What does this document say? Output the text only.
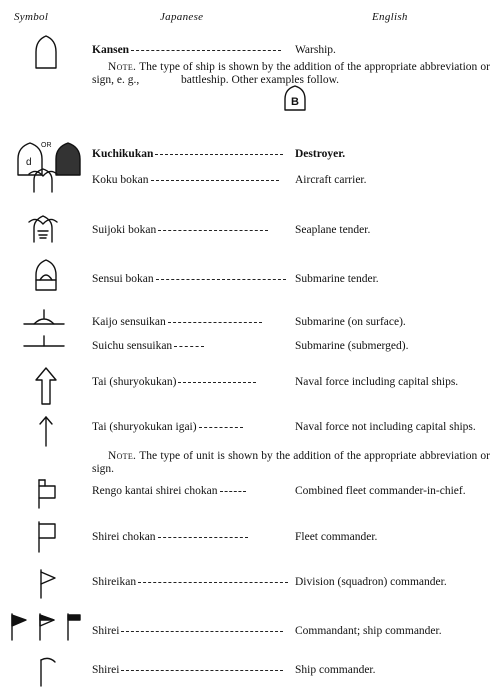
Symbol	Japanese	English
Kansen	Warship.
Note. The type of ship is shown by the addition of the appropriate abbreviation or sign, e. g.,	battleship. Other examples follow.
B
d
OR
Kuchikukan	Destroyer.
Koku bokan	Aircraft carrier.
Suijoki bokan	Seaplane tender.
Sensui bokan	Submarine tender.
Kaijo sensuikan	Submarine (on surface).
Suichu sensuikan	Submarine (submerged).
Tai (shuryokukan)	Naval force including capital ships.
Tai (shuryokukan igai)	Naval force not including capital ships.
Note. The type of unit is shown by the addition of the appropriate abbreviation or sign.
Rengo kantai shirei chokan	Combined fleet commander-in-chief.
Shirei chokan	Fleet commander.
Shireikan	Division (squadron) commander.
Shirei	Commandant; ship commander.
Shirei	Ship commander.
